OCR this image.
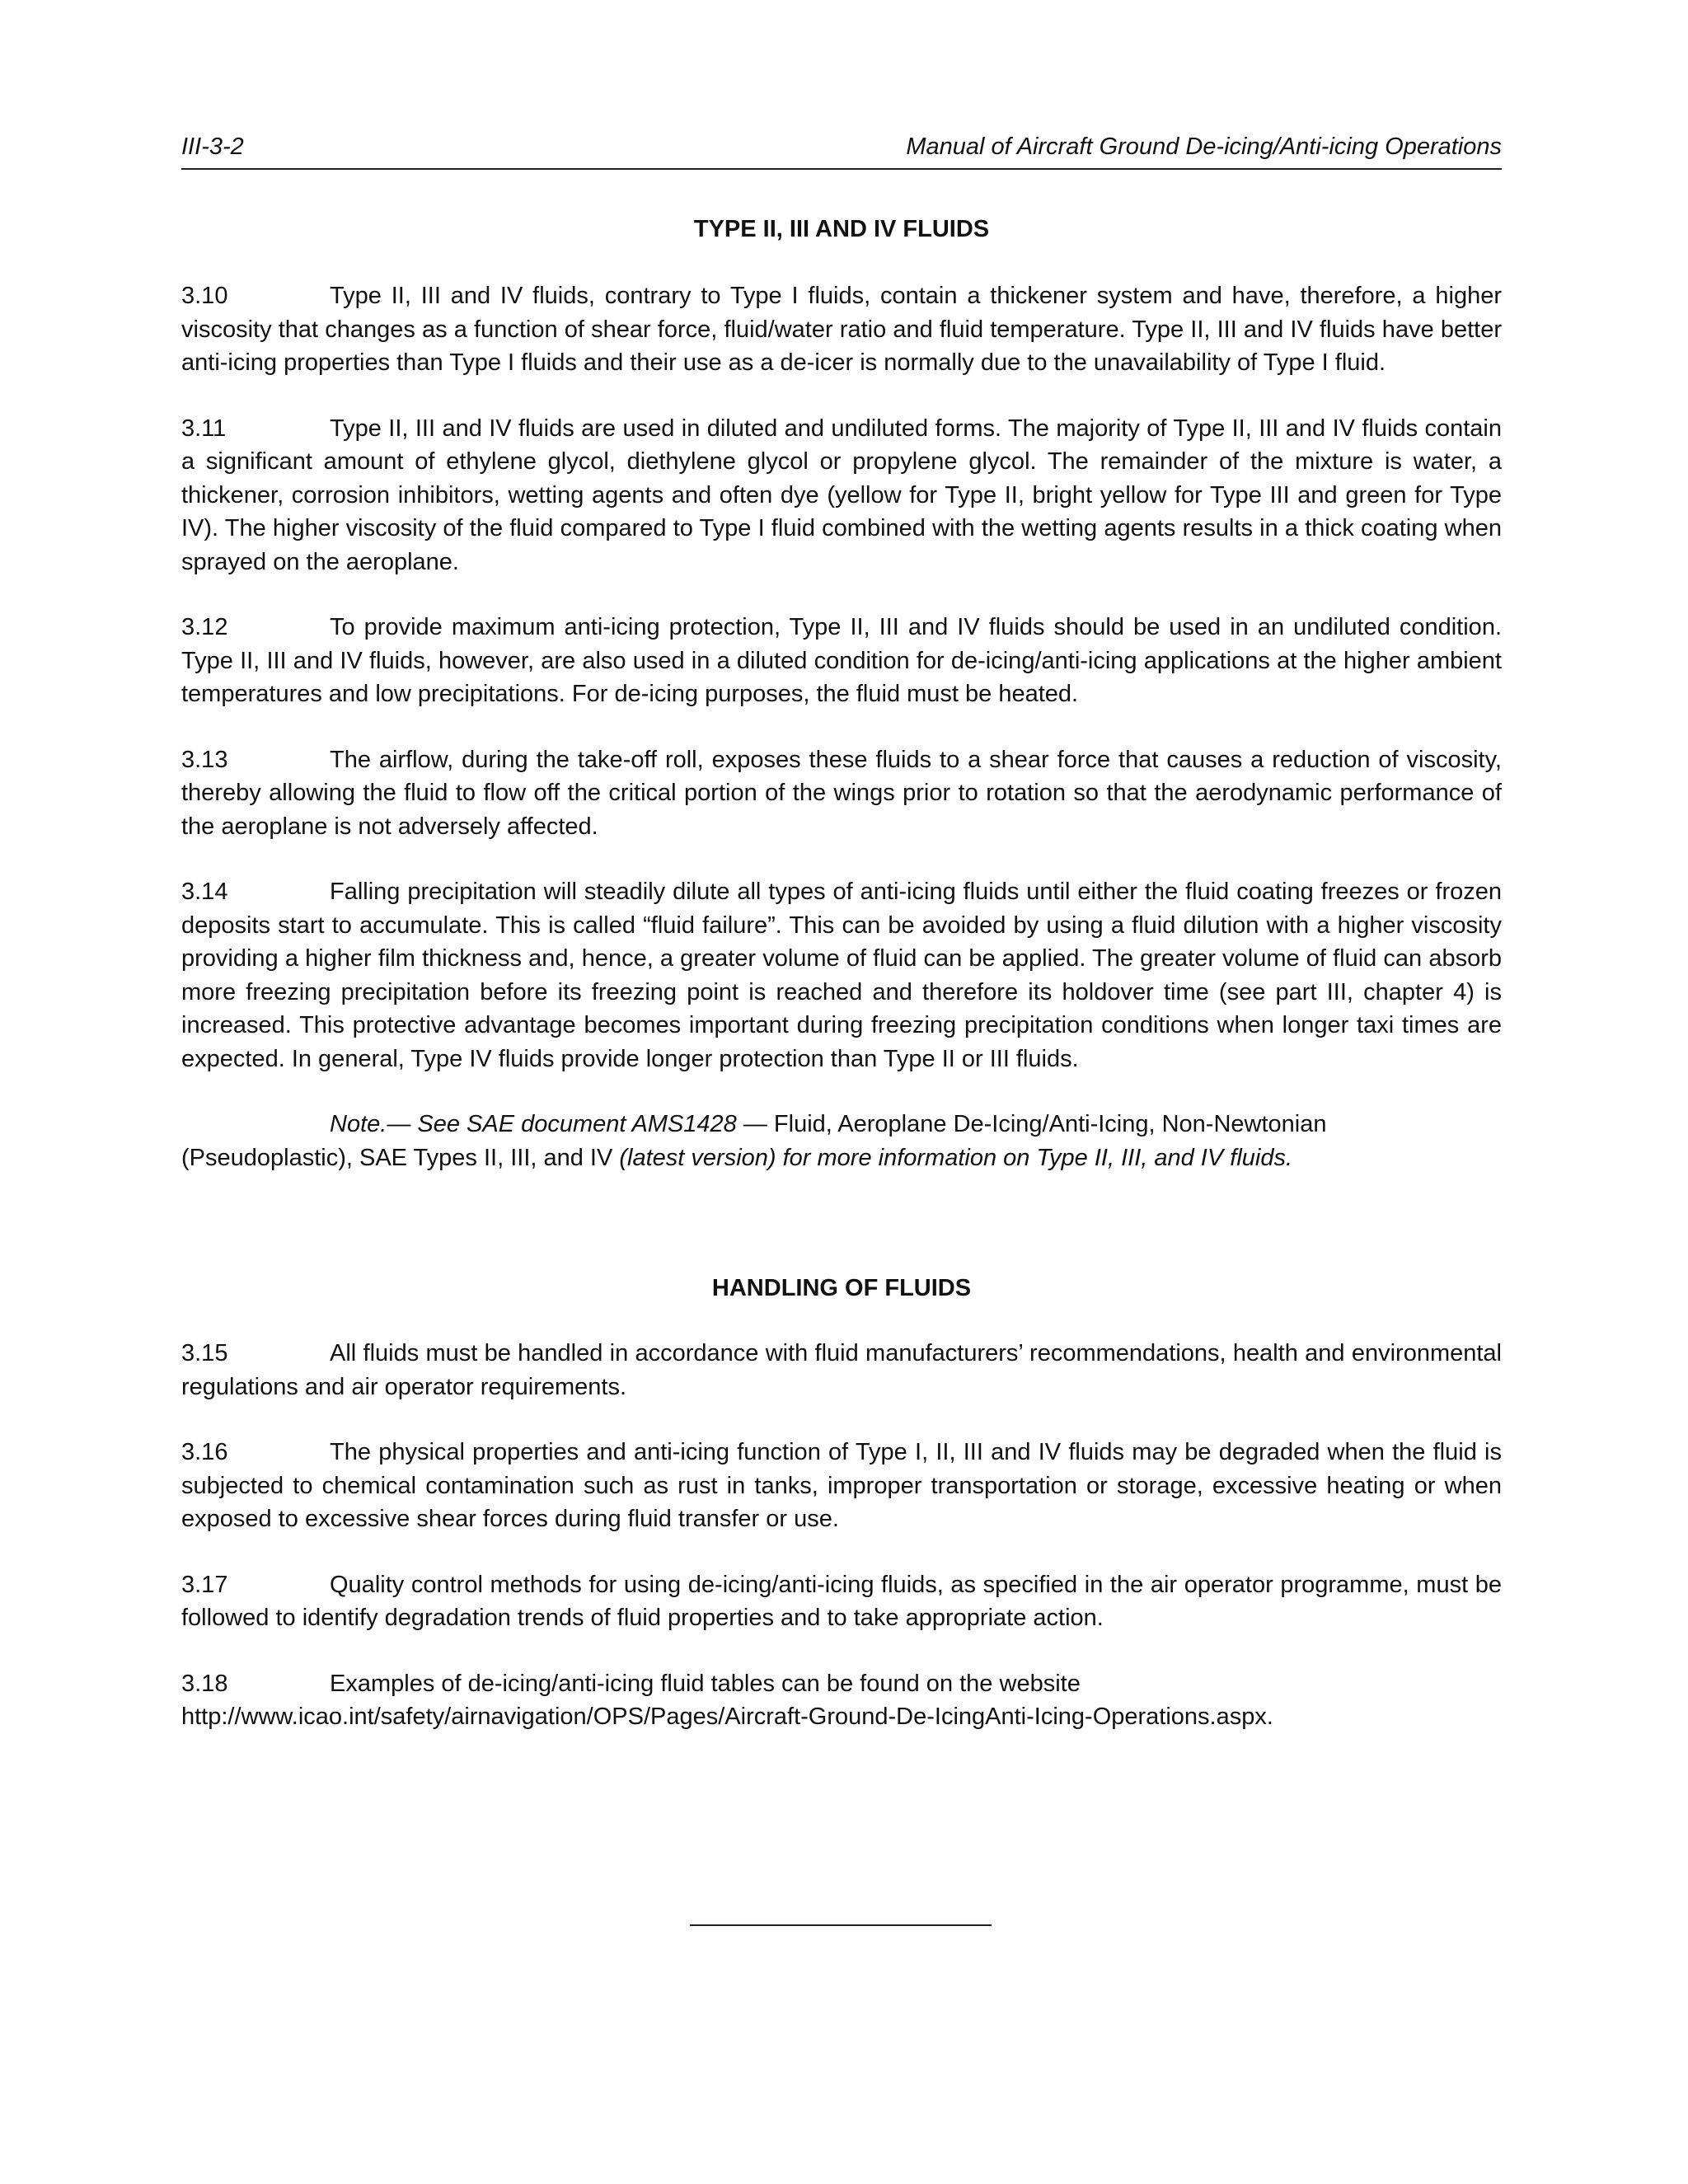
III-3-2	Manual of Aircraft Ground De-icing/Anti-icing Operations
TYPE II, III AND IV FLUIDS

3.10	Type II, III and IV fluids, contrary to Type I fluids, contain a thickener system and have, therefore, a higher viscosity that changes as a function of shear force, fluid/water ratio and fluid temperature. Type II, III and IV fluids have better anti-icing properties than Type I fluids and their use as a de-icer is normally due to the unavailability of Type I fluid.

3.11	Type II, III and IV fluids are used in diluted and undiluted forms. The majority of Type II, III and IV fluids contain a significant amount of ethylene glycol, diethylene glycol or propylene glycol. The remainder of the mixture is water, a thickener, corrosion inhibitors, wetting agents and often dye (yellow for Type II, bright yellow for Type III and green for Type IV). The higher viscosity of the fluid compared to Type I fluid combined with the wetting agents results in a thick coating when sprayed on the aeroplane.

3.12	To provide maximum anti-icing protection, Type II, III and IV fluids should be used in an undiluted condition. Type II, III and IV fluids, however, are also used in a diluted condition for de-icing/anti-icing applications at the higher ambient temperatures and low precipitations. For de-icing purposes, the fluid must be heated.

3.13	The airflow, during the take-off roll, exposes these fluids to a shear force that causes a reduction of viscosity, thereby allowing the fluid to flow off the critical portion of the wings prior to rotation so that the aerodynamic performance of the aeroplane is not adversely affected.

3.14	Falling precipitation will steadily dilute all types of anti-icing fluids until either the fluid coating freezes or frozen deposits start to accumulate. This is called “fluid failure”. This can be avoided by using a fluid dilution with a higher viscosity providing a higher film thickness and, hence, a greater volume of fluid can be applied. The greater volume of fluid can absorb more freezing precipitation before its freezing point is reached and therefore its holdover time (see part III, chapter 4) is increased. This protective advantage becomes important during freezing precipitation conditions when longer taxi times are expected. In general, Type IV fluids provide longer protection than Type II or III fluids.

Note.— See SAE document AMS1428 — Fluid, Aeroplane De-Icing/Anti-Icing, Non-Newtonian (Pseudoplastic), SAE Types II, III, and IV (latest version) for more information on Type II, III, and IV fluids.

HANDLING OF FLUIDS

3.15	All fluids must be handled in accordance with fluid manufacturers’ recommendations, health and environmental regulations and air operator requirements.

3.16	The physical properties and anti-icing function of Type I, II, III and IV fluids may be degraded when the fluid is subjected to chemical contamination such as rust in tanks, improper transportation or storage, excessive heating or when exposed to excessive shear forces during fluid transfer or use.

3.17	Quality control methods for using de-icing/anti-icing fluids, as specified in the air operator programme, must be followed to identify degradation trends of fluid properties and to take appropriate action.

3.18	Examples of de-icing/anti-icing fluid tables can be found on the website
http://www.icao.int/safety/airnavigation/OPS/Pages/Aircraft-Ground-De-IcingAnti-Icing-Operations.aspx.
